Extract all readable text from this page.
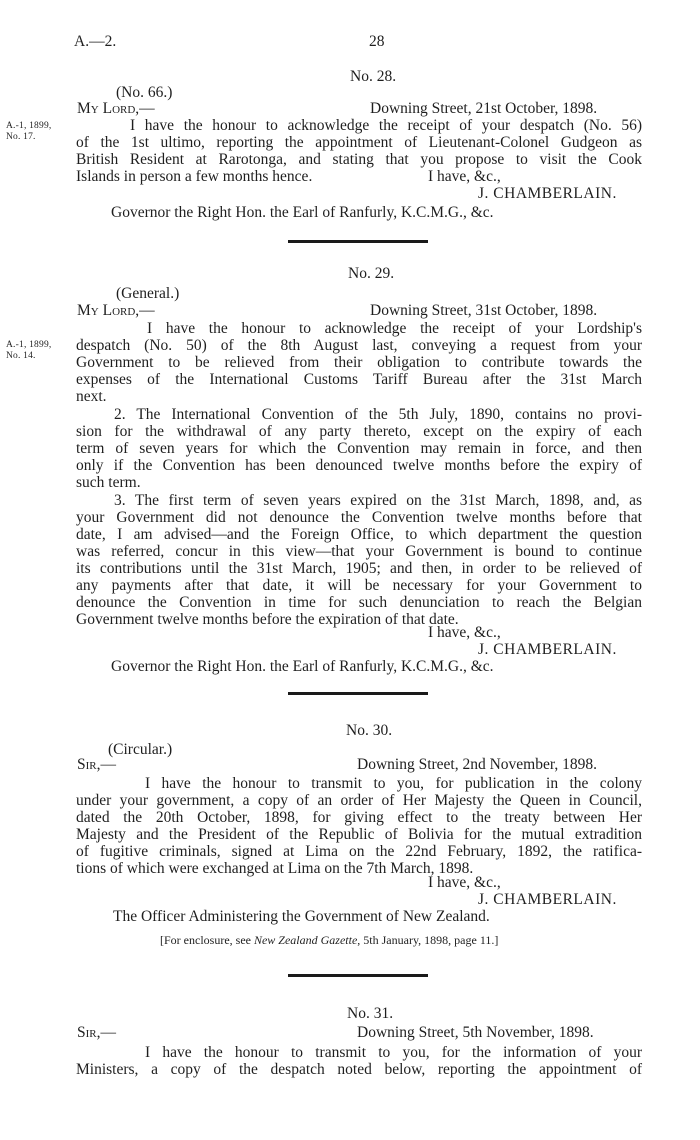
A.—2.	28
No. 28.
(No. 66.)
My Lord,—	Downing Street, 21st October, 1898.
A.-1, 1899,
No. 17.
I have the honour to acknowledge the receipt of your despatch (No. 56)
of the 1st ultimo, reporting the appointment of Lieutenant-Colonel Gudgeon as
British Resident at Rarotonga, and stating that you propose to visit the Cook
Islands in person a few months hence.	I have, &c.,
J. CHAMBERLAIN.
Governor the Right Hon. the Earl of Ranfurly, K.C.M.G., &c.
No. 29.
(General.)
My Lord,—	Downing Street, 31st October, 1898.
A.-1, 1899,
No. 14.
I have the honour to acknowledge the receipt of your Lordship's
despatch (No. 50) of the 8th August last, conveying a request from your
Government to be relieved from their obligation to contribute towards the
expenses of the International Customs Tariff Bureau after the 31st March
next.
2. The International Convention of the 5th July, 1890, contains no provi-
sion for the withdrawal of any party thereto, except on the expiry of each
term of seven years for which the Convention may remain in force, and then
only if the Convention has been denounced twelve months before the expiry of
such term.
3. The first term of seven years expired on the 31st March, 1898, and, as
your Government did not denounce the Convention twelve months before that
date, I am advised—and the Foreign Office, to which department the question
was referred, concur in this view—that your Government is bound to continue
its contributions until the 31st March, 1905; and then, in order to be relieved of
any payments after that date, it will be necessary for your Government to
denounce the Convention in time for such denunciation to reach the Belgian
Government twelve months before the expiration of that date.
I have, &c.,
J. CHAMBERLAIN.
Governor the Right Hon. the Earl of Ranfurly, K.C.M.G., &c.
No. 30.
(Circular.)
Sir,—	Downing Street, 2nd November, 1898.
I have the honour to transmit to you, for publication in the colony
under your government, a copy of an order of Her Majesty the Queen in Council,
dated the 20th October, 1898, for giving effect to the treaty between Her
Majesty and the President of the Republic of Bolivia for the mutual extradition
of fugitive criminals, signed at Lima on the 22nd February, 1892, the ratifica-
tions of which were exchanged at Lima on the 7th March, 1898.
I have, &c.,
J. CHAMBERLAIN.
The Officer Administering the Government of New Zealand.
[For enclosure, see New Zealand Gazette, 5th January, 1898, page 11.]
No. 31.
Sir,—	Downing Street, 5th November, 1898.
I have the honour to transmit to you, for the information of your
Ministers, a copy of the despatch noted below, reporting the appointment of
